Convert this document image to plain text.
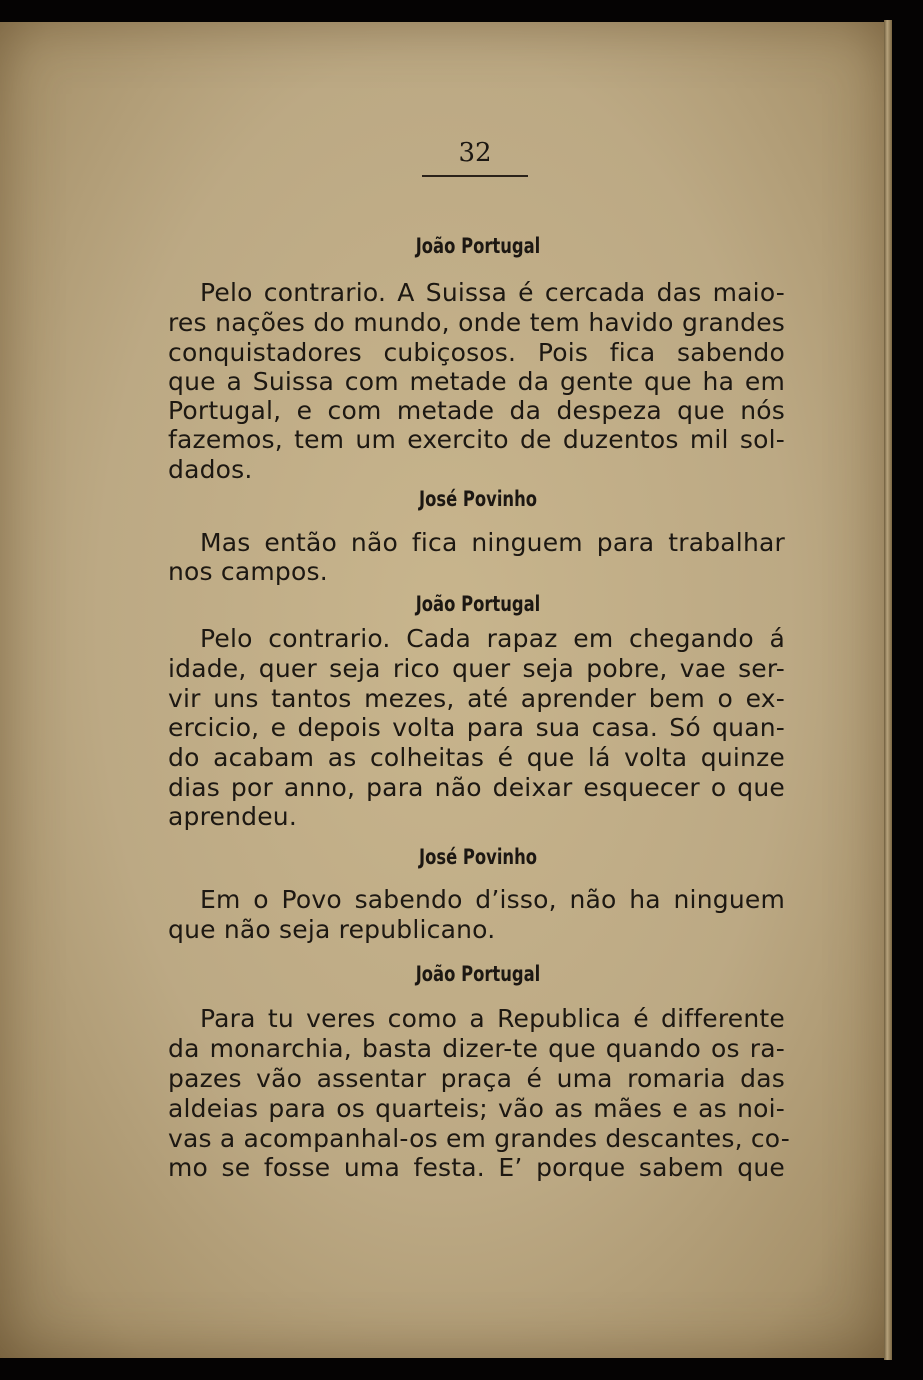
32
João Portugal
Pelo contrario. A Suissa é cercada das maio-
res nações do mundo, onde tem havido grandes
conquistadores cubiçosos. Pois fica sabendo
que a Suissa com metade da gente que ha em
Portugal, e com metade da despeza que nós
fazemos, tem um exercito de duzentos mil sol-
dados.
José Povinho
Mas então não fica ninguem para trabalhar
nos campos.
João Portugal
Pelo contrario. Cada rapaz em chegando á
idade, quer seja rico quer seja pobre, vae ser-
vir uns tantos mezes, até aprender bem o ex-
ercicio, e depois volta para sua casa. Só quan-
do acabam as colheitas é que lá volta quinze
dias por anno, para não deixar esquecer o que
aprendeu.
José Povinho
Em o Povo sabendo d’isso, não ha ninguem
que não seja republicano.
João Portugal
Para tu veres como a Republica é differente
da monarchia, basta dizer-te que quando os ra-
pazes vão assentar praça é uma romaria das
aldeias para os quarteis; vão as mães e as noi-
vas a acompanhal-os em grandes descantes, co-
mo se fosse uma festa. E’ porque sabem que
